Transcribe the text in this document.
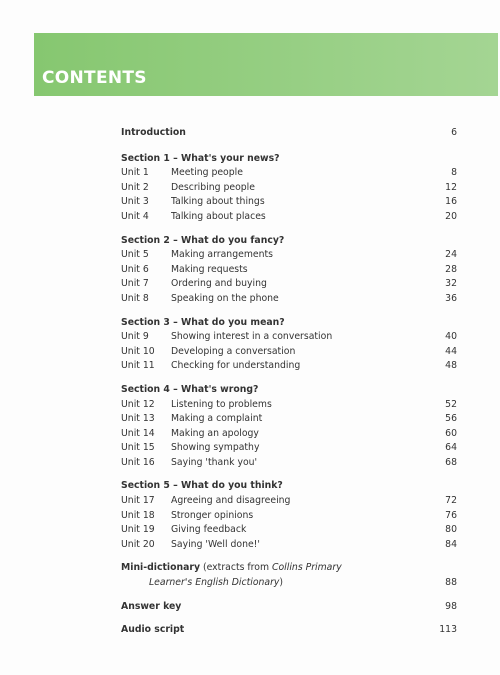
CONTENTS
Introduction	6
Section 1 – What's your news?
Unit 1	Meeting people	8
Unit 2	Describing people	12
Unit 3	Talking about things	16
Unit 4	Talking about places	20
Section 2 – What do you fancy?
Unit 5	Making arrangements	24
Unit 6	Making requests	28
Unit 7	Ordering and buying	32
Unit 8	Speaking on the phone	36
Section 3 – What do you mean?
Unit 9	Showing interest in a conversation	40
Unit 10	Developing a conversation	44
Unit 11	Checking for understanding	48
Section 4 – What's wrong?
Unit 12	Listening to problems	52
Unit 13	Making a complaint	56
Unit 14	Making an apology	60
Unit 15	Showing sympathy	64
Unit 16	Saying 'thank you'	68
Section 5 – What do you think?
Unit 17	Agreeing and disagreeing	72
Unit 18	Stronger opinions	76
Unit 19	Giving feedback	80
Unit 20	Saying 'Well done!'	84
Mini-dictionary (extracts from Collins Primary
Learner's English Dictionary)	88
Answer key	98
Audio script	113
